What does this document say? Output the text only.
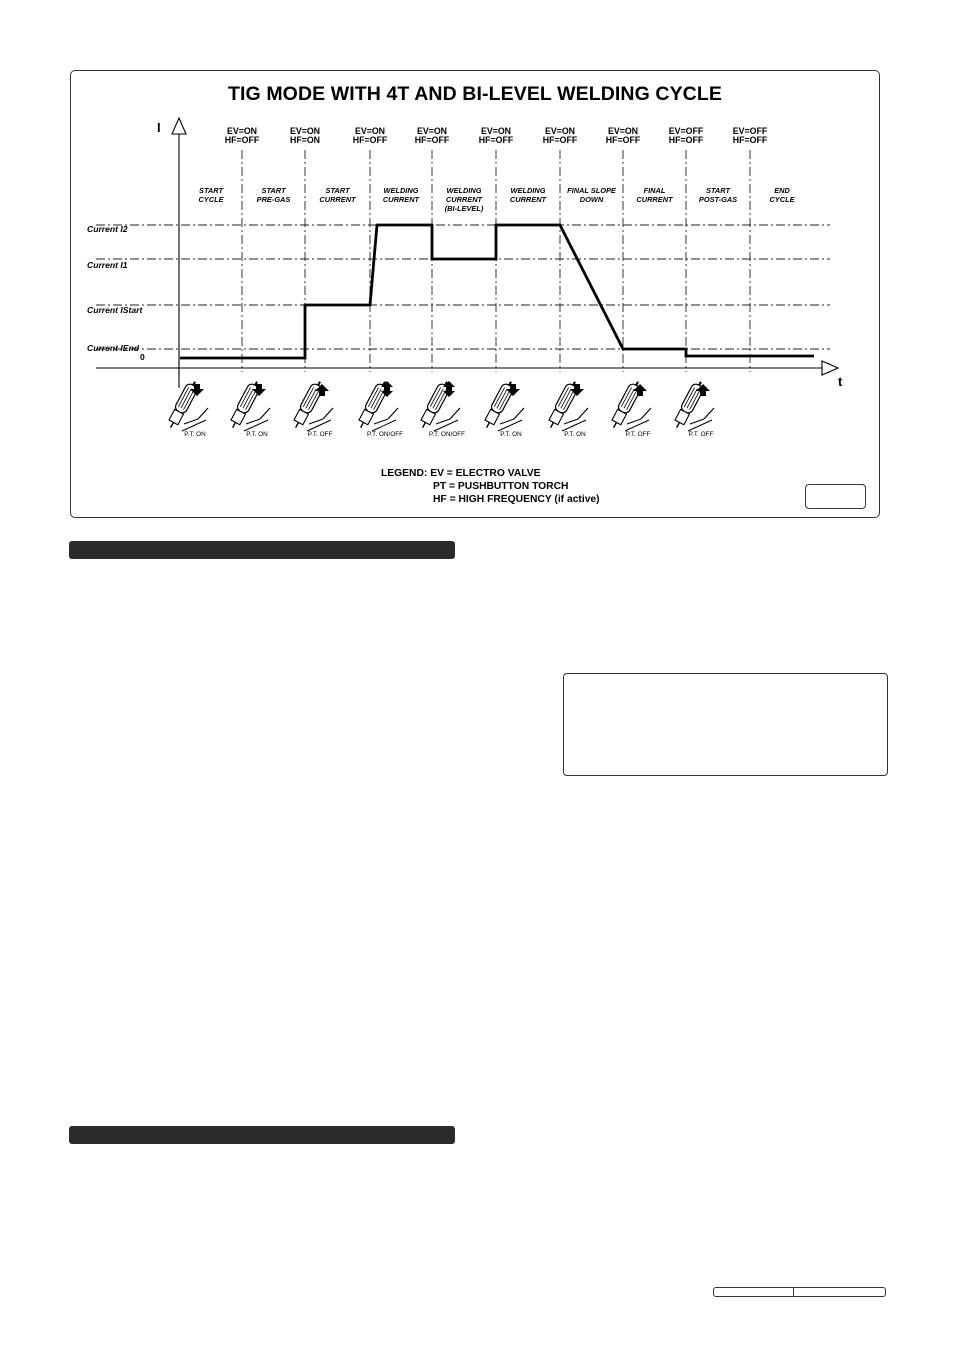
TIG MODE WITH 4T AND BI-LEVEL WELDING CYCLE
I
t
0
Current IEnd
Current IStart
Current I1
Current I2
EV=ON
HF=OFF
EV=ON
HF=ON
EV=ON
HF=OFF
EV=ON
HF=OFF
EV=ON
HF=OFF
EV=ON
HF=OFF
EV=ON
HF=OFF
EV=OFF
HF=OFF
EV=OFF
HF=OFF
START
CYCLE
START
PRE-GAS
START
CURRENT
WELDING
CURRENT
WELDING
CURRENT
(BI-LEVEL)
WELDING
CURRENT
FINAL SLOPE
DOWN
FINAL
CURRENT
START
POST-GAS
END
CYCLE
P.T. ON	P.T. ON	P.T. OFF	P.T. ON/OFF	P.T. ON/OFF	P.T. ON	P.T. ON	P.T. OFF	P.T. OFF
LEGEND: EV = ELECTRO VALVE
PT = PUSHBUTTON TORCH
HF = HIGH FREQUENCY (if active)
